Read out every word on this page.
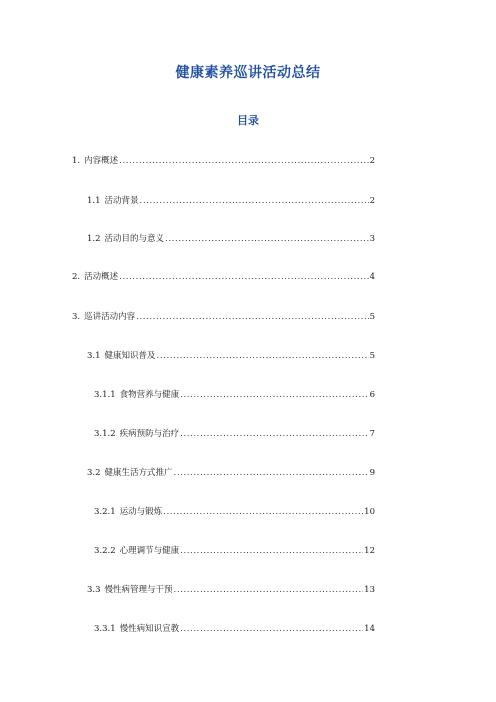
健康素养巡讲活动总结
目录
1. 内容概述 .....	2
1.1 活动背景 .....	2
1.2 活动目的与意义 .....	3
2. 活动概述 .....	4
3. 巡讲活动内容 .....	5
3.1 健康知识普及 .....	5
3.1.1 食物营养与健康 .....	6
3.1.2 疾病预防与治疗 .....	7
3.2 健康生活方式推广 .....	9
3.2.1 运动与锻炼 .....	10
3.2.2 心理调节与健康 .....	12
3.3 慢性病管理与干预 .....	13
3.3.1 慢性病知识宣教 .....	14
